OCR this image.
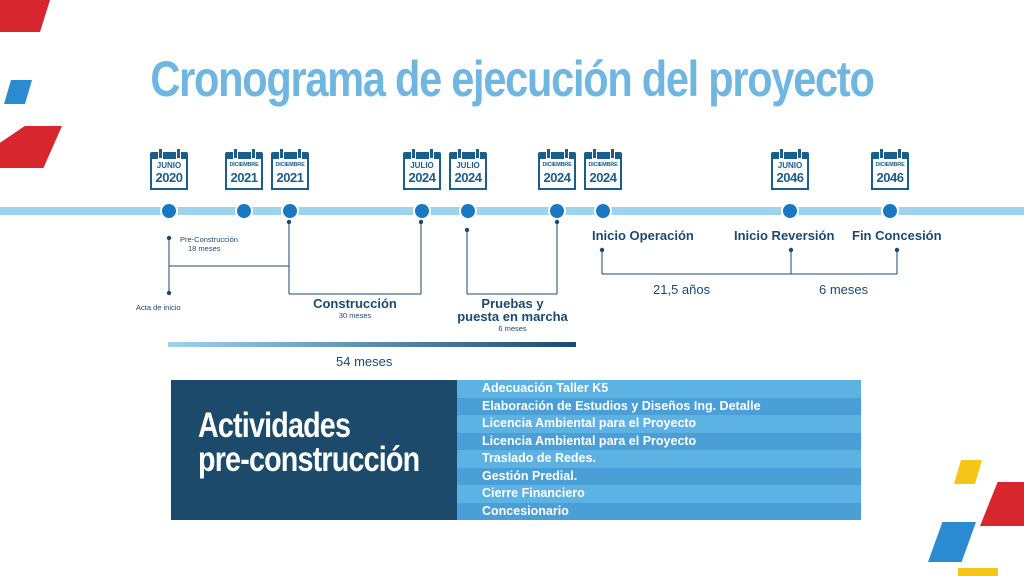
Cronograma de ejecución del proyecto
JUNIO
2020
DICIEMBRE
2021
DICIEMBRE
2021
JULIO
2024
JULIO
2024
DICIEMBRE
2024
DICIEMBRE
2024
JUNIO
2046
DICIEMBRE
2046
Pre-Construcción
18 meses
Acta de inicio	Construcción
30 meses
Pruebas y
puesta en marcha
6 meses
Inicio Operación	Inicio Reversión Fin Concesión
21,5 años	6 meses
54 meses
Actividades
pre-construcción
Adecuación Taller K5
Elaboración de Estudios y Diseños Ing. Detalle
Licencia Ambiental para el Proyecto
Licencia Ambiental para el Proyecto
Traslado de Redes.
Gestión Predial.
Cierre Financiero
Concesionario
